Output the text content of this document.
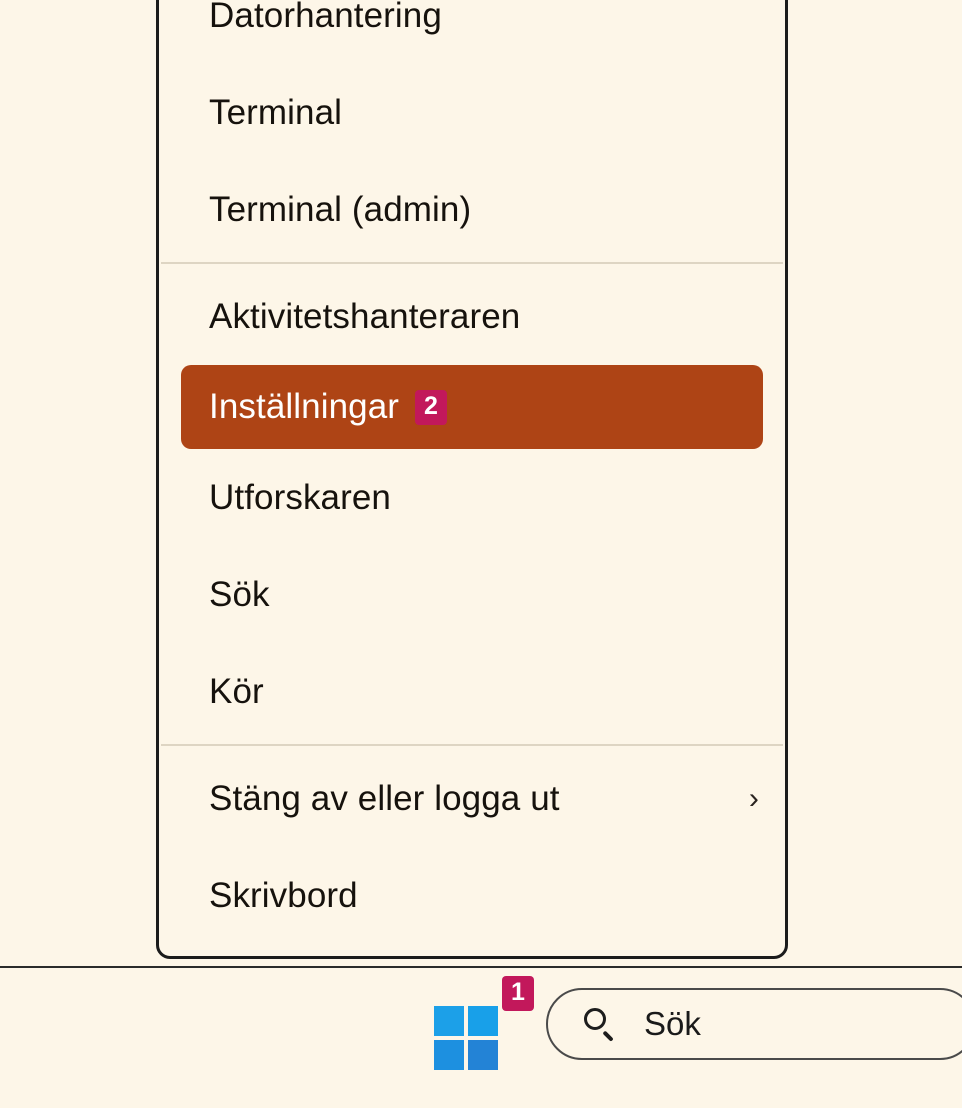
Datorhantering
Terminal
Terminal (admin)
Aktivitetshanteraren
Inställningar	2
Utforskaren
Sök
Kör
Stäng av eller logga ut	›
Skrivbord
1
Sök
